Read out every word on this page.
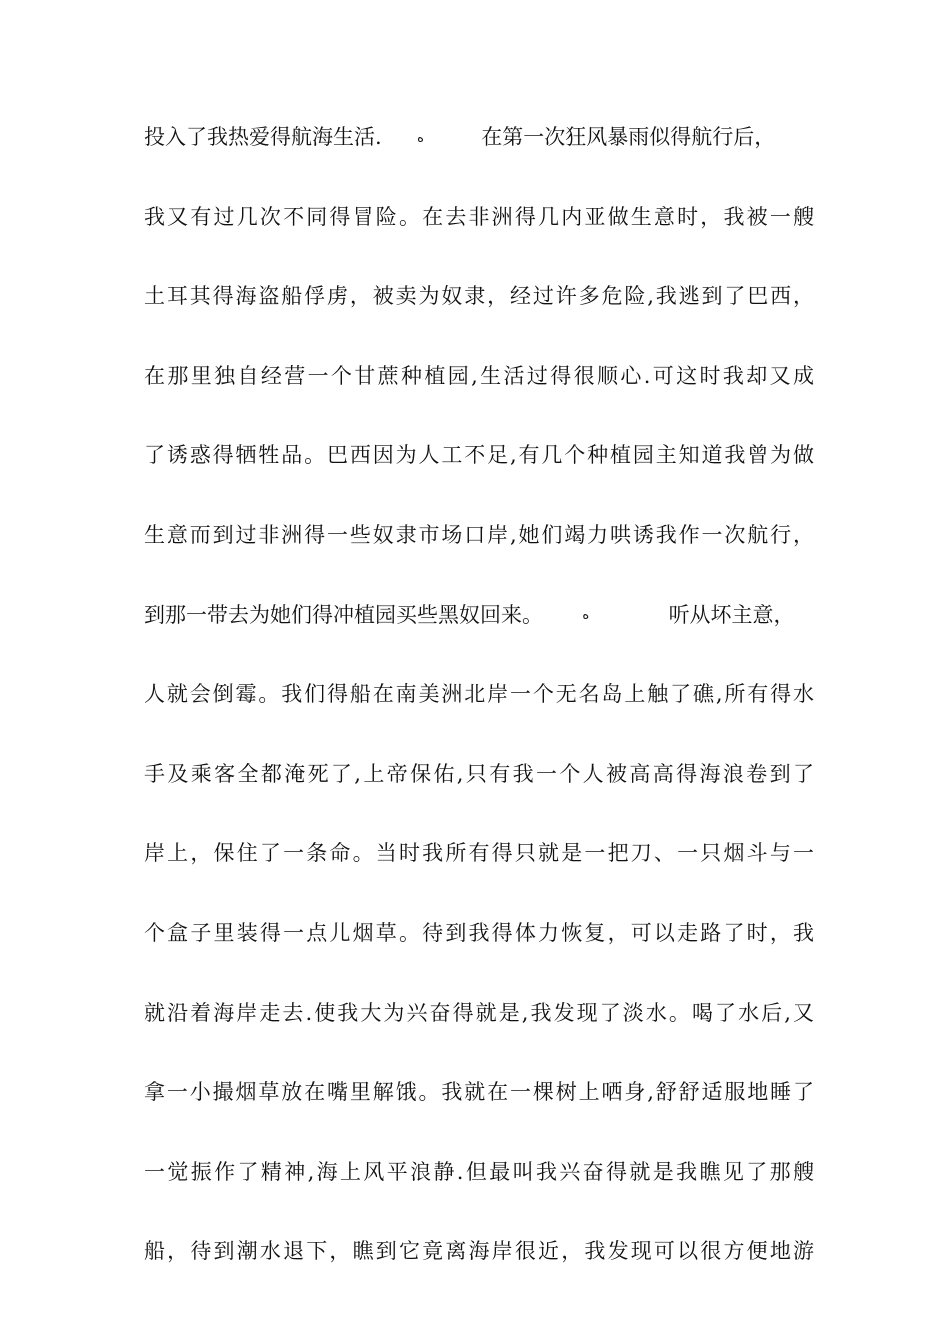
投入了我热爱得航海生活.	ە	在第一次狂风暴雨似得航行后，
我又有过几次不同得冒险。在去非洲得几内亚做生意时，我被一艘
土耳其得海盗船俘虏，被卖为奴隶，经过许多危险,我逃到了巴西，
在那里独自经营一个甘蔗种植园,生活过得很顺心.可这时我却又成
了诱惑得牺牲品。巴西因为人工不足,有几个种植园主知道我曾为做
生意而到过非洲得一些奴隶市场口岸,她们竭力哄诱我作一次航行，
到那一带去为她们得冲植园买些黑奴回来。	ە	听从坏主意，
人就会倒霉。我们得船在南美洲北岸一个无名岛上触了礁,所有得水
手及乘客全都淹死了,上帝保佑,只有我一个人被高高得海浪卷到了
岸上，保住了一条命。当时我所有得只就是一把刀、一只烟斗与一
个盒子里装得一点儿烟草。待到我得体力恢复，可以走路了时，我
就沿着海岸走去.使我大为兴奋得就是,我发现了淡水。喝了水后,又
拿一小撮烟草放在嘴里解饿。我就在一棵树上哂身,舒舒适服地睡了
一觉振作了精神,海上风平浪静.但最叫我兴奋得就是我瞧见了那艘
船，待到潮水退下，瞧到它竟离海岸很近，我发现可以很方便地游
